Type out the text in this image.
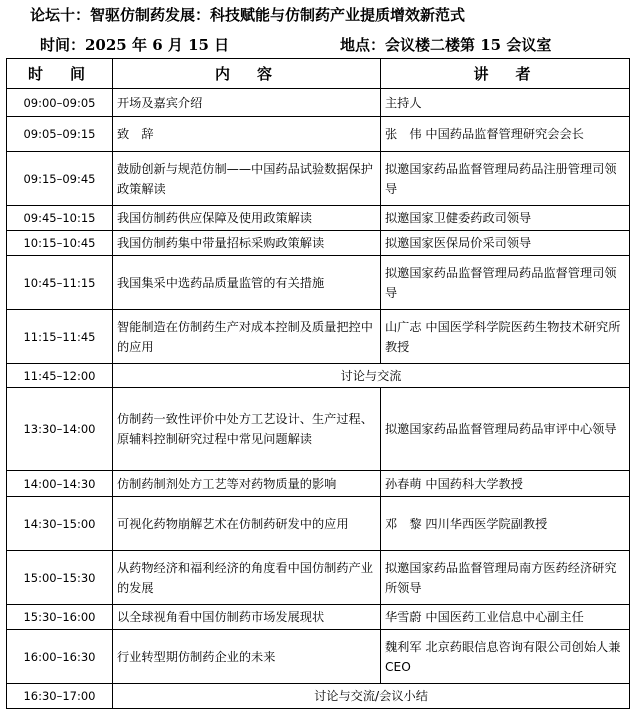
论坛十：智驱仿制药发展：科技赋能与仿制药产业提质增效新范式
时间：2025 年 6 月 15 日	地点：会议楼二楼第 15 会议室
时　间	内　容	讲　者
09:00–09:05	开场及嘉宾介绍	主持人
09:05–09:15	致　辞	张　伟 中国药品监督管理研究会会长
09:15–09:45	鼓励创新与规范仿制——中国药品试验数据保护政策解读	拟邀国家药品监督管理局药品注册管理司领导
09:45–10:15	我国仿制药供应保障及使用政策解读	拟邀国家卫健委药政司领导
10:15–10:45	我国仿制药集中带量招标采购政策解读	拟邀国家医保局价采司领导
10:45–11:15	我国集采中选药品质量监管的有关措施	拟邀国家药品监督管理局药品监督管理司领导
11:15–11:45	智能制造在仿制药生产对成本控制及质量把控中的应用	山广志 中国医学科学院医药生物技术研究所教授
11:45–12:00	讨论与交流	
13:30–14:00	仿制药一致性评价中处方工艺设计、生产过程、原辅料控制研究过程中常见问题解读	拟邀国家药品监督管理局药品审评中心领导
14:00–14:30	仿制药制剂处方工艺等对药物质量的影响	孙春萌 中国药科大学教授
14:30–15:00	可视化药物崩解艺术在仿制药研发中的应用	邓　黎 四川华西医学院副教授
15:00–15:30	从药物经济和福利经济的角度看中国仿制药产业的发展	拟邀国家药品监督管理局南方医药经济研究所领导
15:30–16:00	以全球视角看中国仿制药市场发展现状	华雪蔚 中国医药工业信息中心副主任
16:00–16:30	行业转型期仿制药企业的未来	魏利军 北京药眼信息咨询有限公司创始人兼 CEO
16:30–17:00	讨论与交流/会议小结	
